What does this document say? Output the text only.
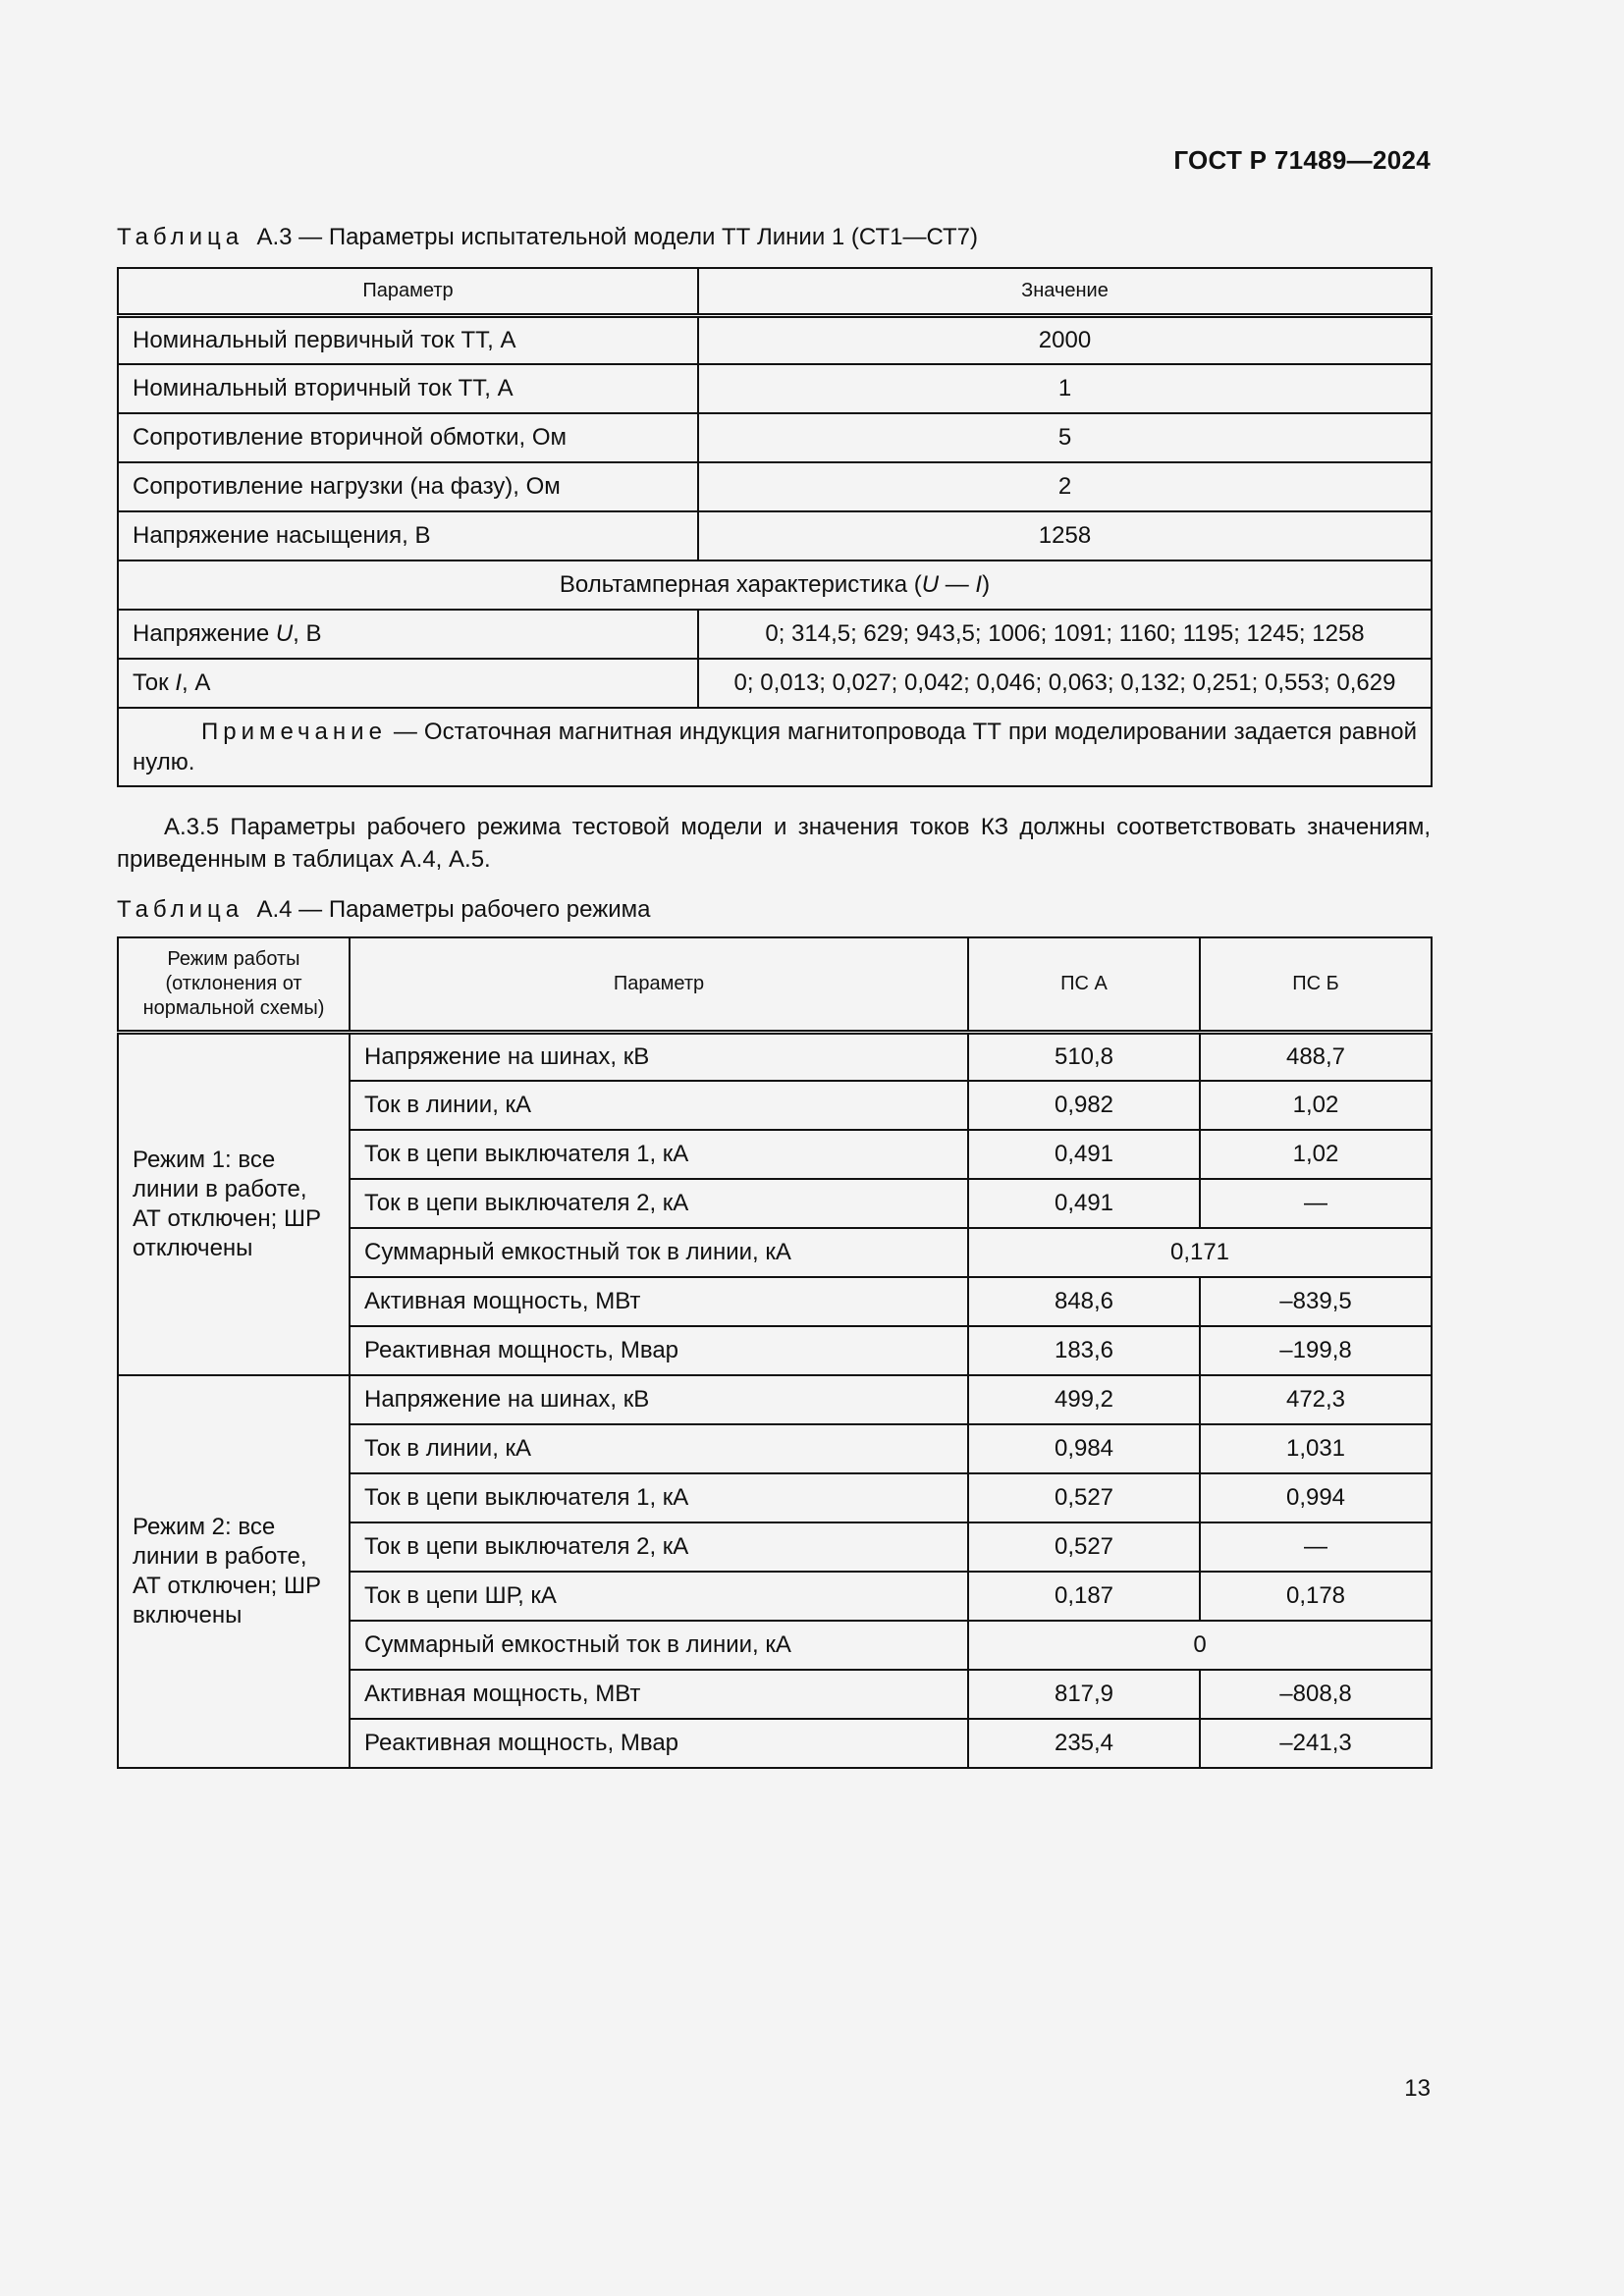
ГОСТ Р 71489—2024
Таблица А.3 — Параметры испытательной модели ТТ Линии 1 (СТ1—СТ7)
Параметр	Значение
Номинальный первичный ток ТТ, А	2000
Номинальный вторичный ток ТТ, А	1
Сопротивление вторичной обмотки, Ом	5
Сопротивление нагрузки (на фазу), Ом	2
Напряжение насыщения, В	1258
Вольтамперная характеристика (U — I)	
Напряжение U, В	0; 314,5; 629; 943,5; 1006; 1091; 1160; 1195; 1245; 1258
Ток I, А	0; 0,013; 0,027; 0,042; 0,046; 0,063; 0,132; 0,251; 0,553; 0,629
Примечание — Остаточная магнитная индукция магнитопровода ТТ при моделировании задается равной нулю.	
А.3.5 Параметры рабочего режима тестовой модели и значения токов КЗ должны соответствовать значениям, приведенным в таблицах А.4, А.5.
Таблица А.4 — Параметры рабочего режима
Режим работы (отклонения от нормальной схемы)	Параметр	ПС А	ПС Б
Режим 1: все линии в работе, АТ отключен; ШР отключены	Напряжение на шинах, кВ	510,8	488,7
	Ток в линии, кА	0,982	1,02
	Ток в цепи выключателя 1, кА	0,491	1,02
	Ток в цепи выключателя 2, кА	0,491	—
	Суммарный емкостный ток в линии, кА	0,171	
	Активная мощность, МВт	848,6	–839,5
	Реактивная мощность, Мвар	183,6	–199,8
Режим 2: все линии в работе, АТ отключен; ШР включены	Напряжение на шинах, кВ	499,2	472,3
	Ток в линии, кА	0,984	1,031
	Ток в цепи выключателя 1, кА	0,527	0,994
	Ток в цепи выключателя 2, кА	0,527	—
	Ток в цепи ШР, кА	0,187	0,178
	Суммарный емкостный ток в линии, кА	0	
	Активная мощность, МВт	817,9	–808,8
	Реактивная мощность, Мвар	235,4	–241,3
13
